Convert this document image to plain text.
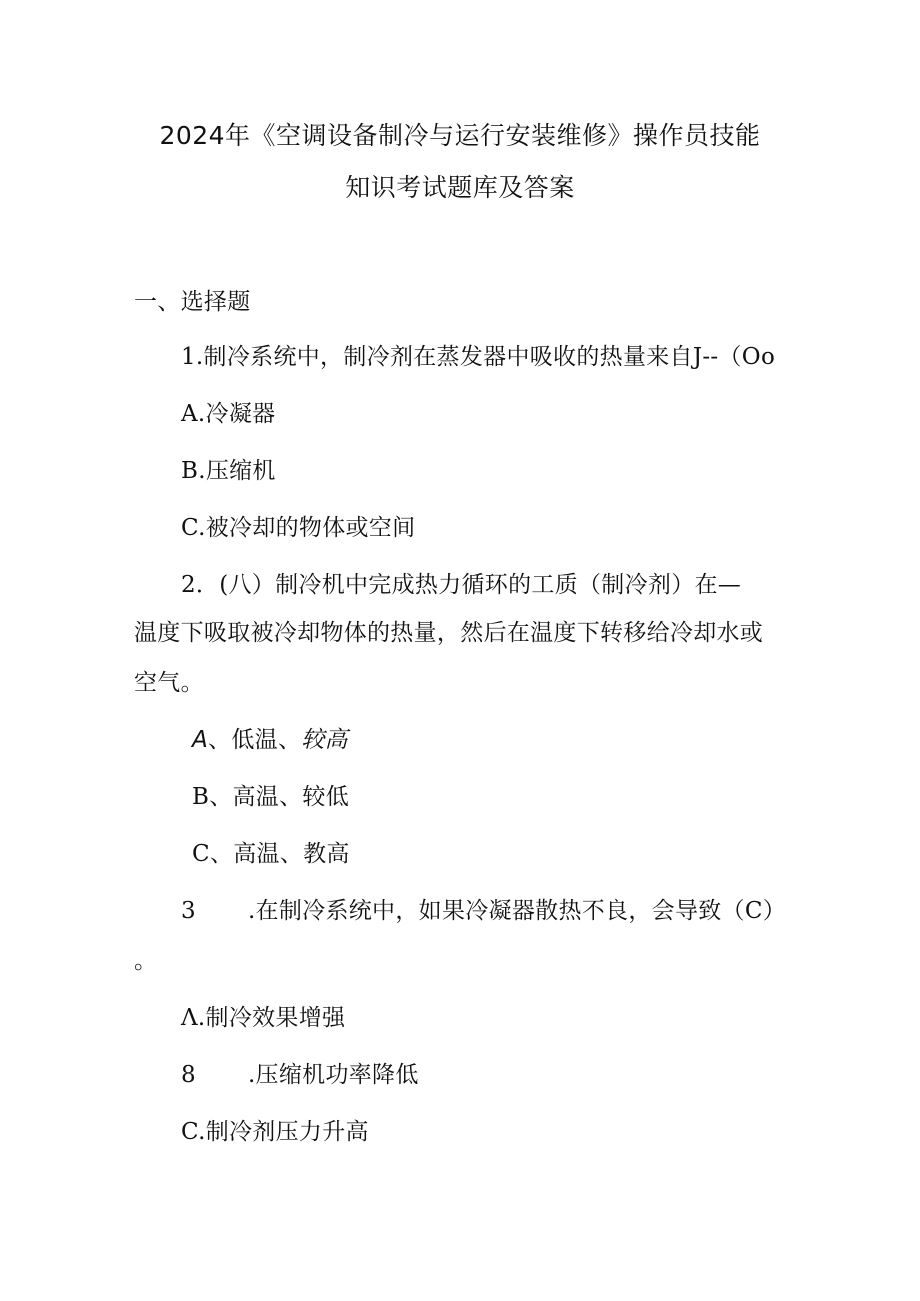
2024年《空调设备制冷与运行安装维修》操作员技能
知识考试题库及答案
一、选择题
1.制冷系统中，制冷剂在蒸发器中吸收的热量来自J--（Oo
A.冷凝器
B.压缩机
C.被冷却的物体或空间
2．(八）制冷机中完成热力循环的工质（制冷剂）在—
温度下吸取被冷却物体的热量，然后在温度下转移给冷却水或
空气。
A、低温、较高
B、高温、较低
C、高温、教高
3 .在制冷系统中，如果冷凝器散热不良，会导致（C）
。
Λ.制冷效果增强
8 .压缩机功率降低
C.制冷剂压力升高
